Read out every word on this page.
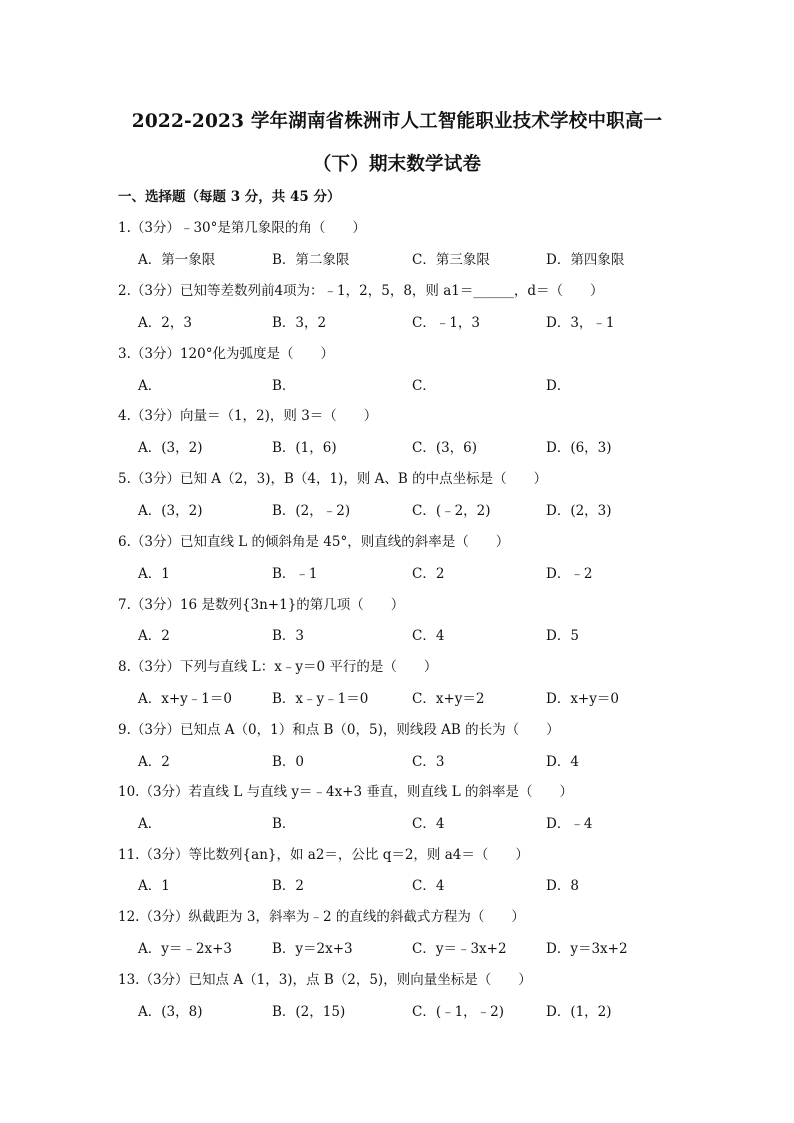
2022-2023 学年湖南省株洲市人工智能职业技术学校中职高一
（下）期末数学试卷
一、选择题（每题 3 分，共 45 分）
1.（3分）﹣30°是第几象限的角（　　）
A．第一象限	B．第二象限	C．第三象限	D．第四象限
2.（3分）已知等差数列前4项为：﹣1，2，5，8，则 a1＝______，d＝（　　）
A．2，3	B．3，2	C．﹣1，3	D．3，﹣1
3.（3分）120°化为弧度是（　　）
A．	B．	C．	D．
4.（3分）向量＝（1，2)，则 3＝（　　）
A．(3，2)	B．(1，6)	C．(3，6)	D．(6，3)
5.（3分）已知 A（2，3)，B（4，1)，则 A、B 的中点坐标是（　　）
A．(3，2)	B．(2，﹣2)	C．(﹣2，2)	D．(2，3)
6.（3分）已知直线 L 的倾斜角是 45°，则直线的斜率是（　　）
A．1	B．﹣1	C．2	D．﹣2
7.（3分）16 是数列{3n+1}的第几项（　　）
A．2	B．3	C．4	D．5
8.（3分）下列与直线 L：x﹣y＝0 平行的是（　　）
A．x+y﹣1＝0	B．x﹣y﹣1＝0	C．x+y＝2	D．x+y＝0
9.（3分）已知点 A（0，1）和点 B（0，5)，则线段 AB 的长为（　　）
A．2	B．0	C．3	D．4
10.（3分）若直线 L 与直线 y＝﹣4x+3 垂直，则直线 L 的斜率是（　　）
A．	B．	C．4	D．﹣4
11.（3分）等比数列{an}，如 a2＝，公比 q＝2，则 a4＝（　　）
A．1	B．2	C．4	D．8
12.（3分）纵截距为 3，斜率为﹣2 的直线的斜截式方程为（　　）
A．y＝﹣2x+3	B．y＝2x+3	C．y＝﹣3x+2	D．y＝3x+2
13.（3分）已知点 A（1，3)，点 B（2，5)，则向量坐标是（　　）
A．(3，8)	B．(2，15)	C．(﹣1，﹣2)	D．(1，2)
